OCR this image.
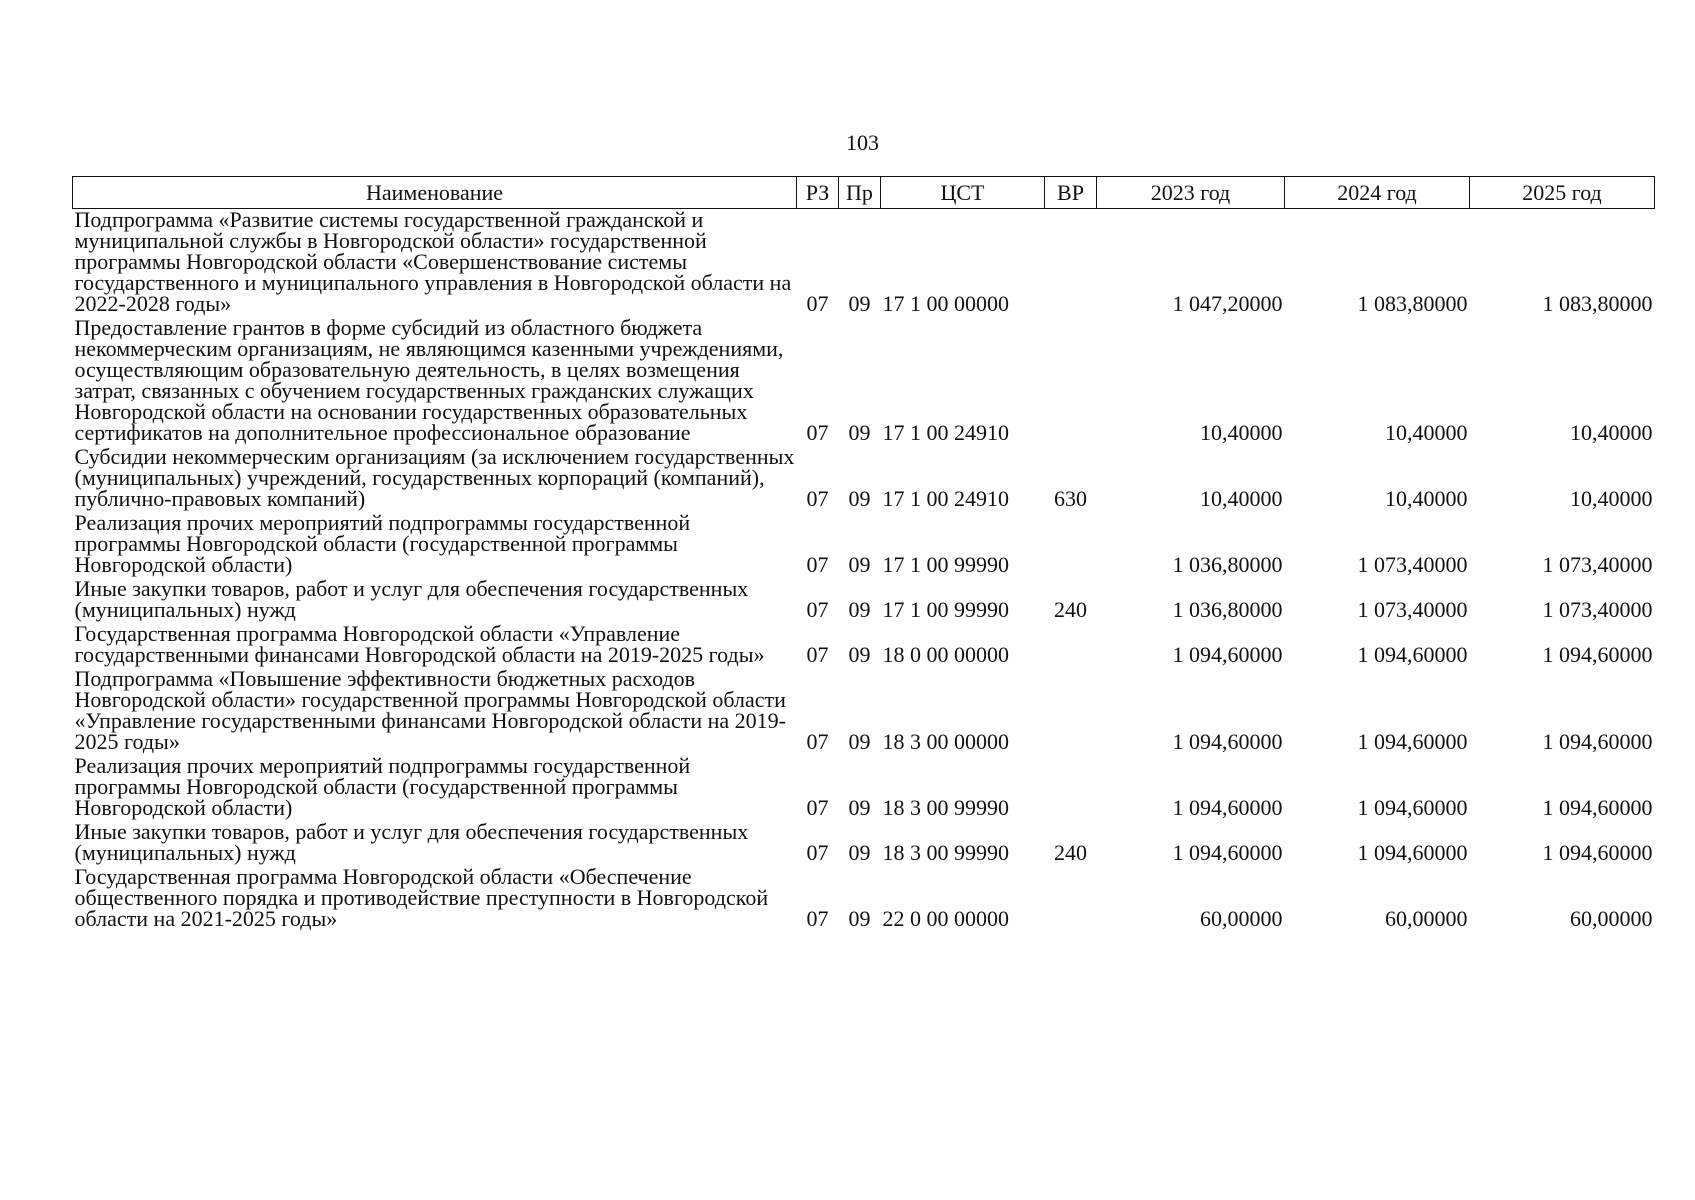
103
Наименование	РЗ	Пр	ЦСТ	ВР	2023 год	2024 год	2025 год
Подпрограмма «Развитие системы государственной гражданской и муниципальной службы в Новгородской области» государственной программы Новгородской области «Совершенствование системы государственного и муниципального управления в Новгородской области на 2022-2028 годы»	07	09	17 1 00 00000		1 047,20000	1 083,80000	1 083,80000
Предоставление грантов в форме субсидий из областного бюджета некоммерческим организациям, не являющимся казенными учреждениями, осуществляющим образовательную деятельность, в целях возмещения затрат, связанных с обучением государственных гражданских служащих Новгородской области на основании государственных образовательных сертификатов на дополнительное профессиональное образование	07	09	17 1 00 24910		10,40000	10,40000	10,40000
Субсидии некоммерческим организациям (за исключением государственных (муниципальных) учреждений, государственных корпораций (компаний), публично-правовых компаний)	07	09	17 1 00 24910	630	10,40000	10,40000	10,40000
Реализация прочих мероприятий подпрограммы государственной программы Новгородской области (государственной программы Новгородской области)	07	09	17 1 00 99990		1 036,80000	1 073,40000	1 073,40000
Иные закупки товаров, работ и услуг для обеспечения государственных (муниципальных) нужд	07	09	17 1 00 99990	240	1 036,80000	1 073,40000	1 073,40000
Государственная программа Новгородской области «Управление государственными финансами Новгородской области на 2019-2025 годы»	07	09	18 0 00 00000		1 094,60000	1 094,60000	1 094,60000
Подпрограмма «Повышение эффективности бюджетных расходов Новгородской области» государственной программы Новгородской области «Управление государственными финансами Новгородской области на 2019-2025 годы»	07	09	18 3 00 00000		1 094,60000	1 094,60000	1 094,60000
Реализация прочих мероприятий подпрограммы государственной программы Новгородской области (государственной программы Новгородской области)	07	09	18 3 00 99990		1 094,60000	1 094,60000	1 094,60000
Иные закупки товаров, работ и услуг для обеспечения государственных (муниципальных) нужд	07	09	18 3 00 99990	240	1 094,60000	1 094,60000	1 094,60000
Государственная программа Новгородской области «Обеспечение общественного порядка и противодействие преступности в Новгородской области на 2021-2025 годы»	07	09	22 0 00 00000		60,00000	60,00000	60,00000
